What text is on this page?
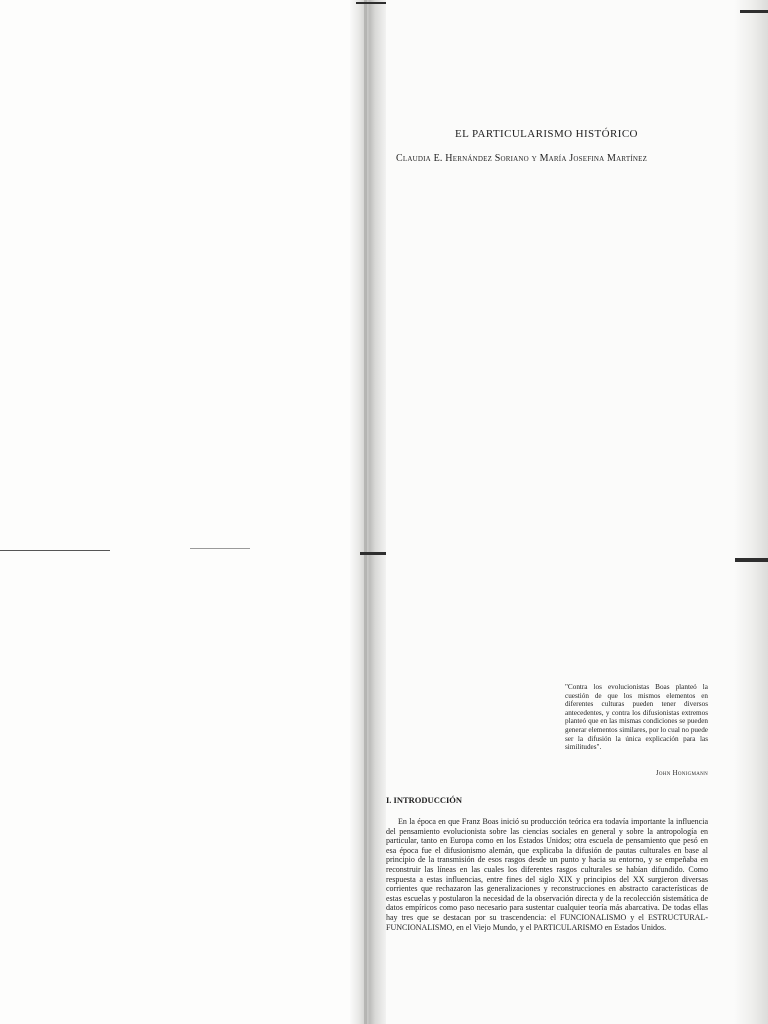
EL PARTICULARISMO HISTÓRICO
Claudia E. Hernández Soriano y María Josefina Martínez
"Contra los evolucionistas Boas planteó la cuestión de que los mismos elementos en diferentes culturas pueden tener diversos antecedentes, y contra los difusionistas extremos planteó que en las mismas condiciones se pueden generar elementos similares, por lo cual no puede ser la difusión la única explicación para las similitudes".
John Honigmann
I. INTRODUCCIÓN
En la época en que Franz Boas inició su producción teórica era todavía importante la influencia del pensamiento evolucionista sobre las ciencias sociales en general y sobre la antropología en particular, tanto en Europa como en los Estados Unidos; otra escuela de pensamiento que pesó en esa época fue el difusionismo alemán, que explicaba la difusión de pautas culturales en base al principio de la transmisión de esos rasgos desde un punto y hacia su entorno, y se empeñaba en reconstruir las líneas en las cuales los diferentes rasgos culturales se habían difundido. Como respuesta a estas influencias, entre fines del siglo XIX y principios del XX surgieron diversas corrientes que rechazaron las generalizaciones y reconstrucciones en abstracto características de estas escuelas y postularon la necesidad de la observación directa y de la recolección sistemática de datos empíricos como paso necesario para sustentar cualquier teoría más abarcativa. De todas ellas hay tres que se destacan por su trascendencia: el FUNCIONALISMO y el ESTRUCTURAL-FUNCIONALISMO, en el Viejo Mundo, y el PARTICULARISMO en Estados Unidos.
